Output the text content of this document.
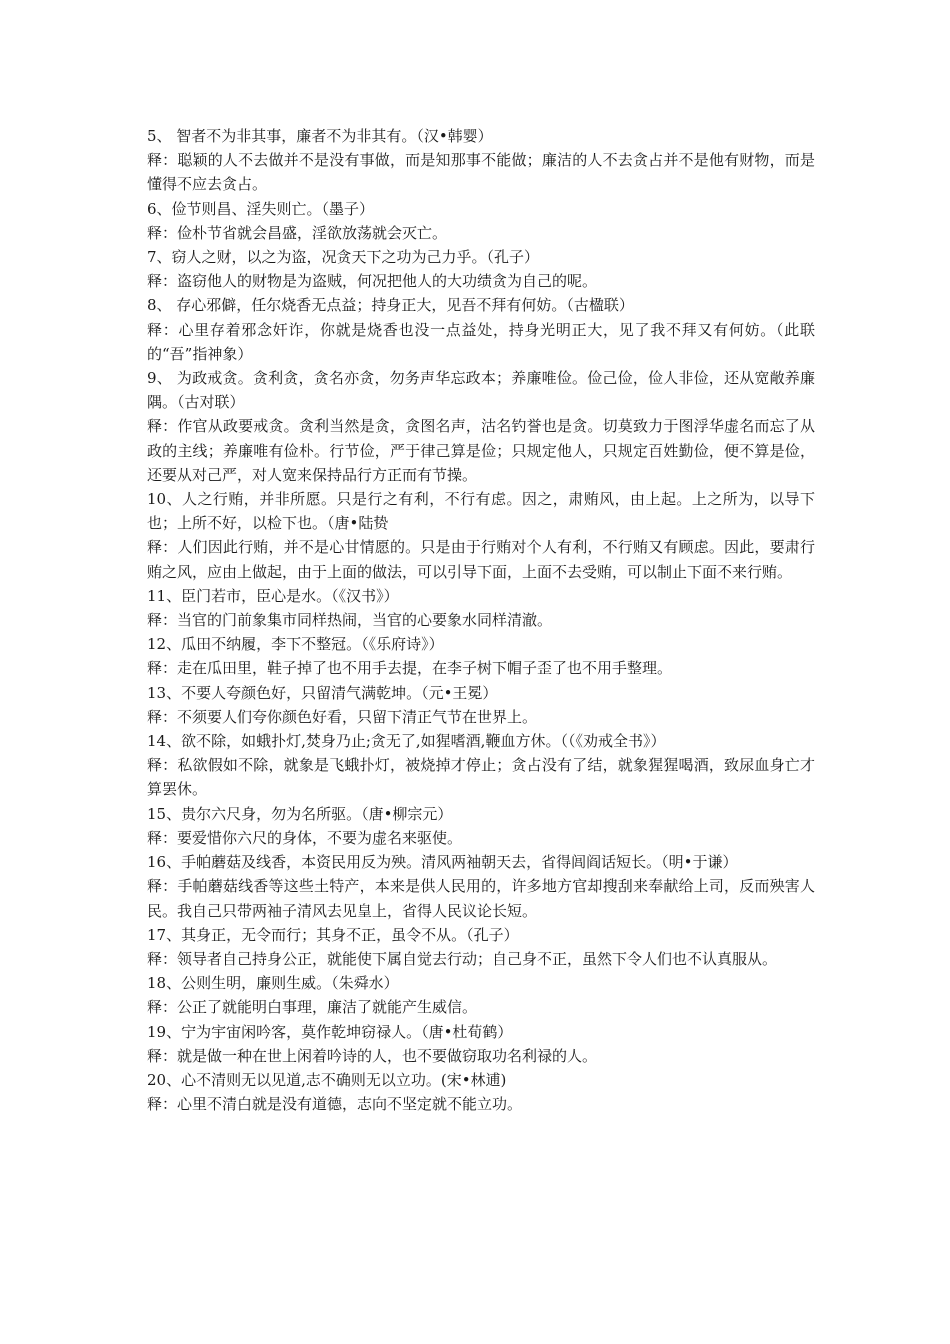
5、 智者不为非其事，廉者不为非其有。（汉•韩婴）
释：聪颖的人不去做并不是没有事做，而是知那事不能做；廉洁的人不去贪占并不是他有财物，而是懂得不应去贪占。
6、俭节则昌、淫失则亡。（墨子）
释：俭朴节省就会昌盛，淫欲放荡就会灭亡。
7、窃人之财，以之为盗，况贪天下之功为己力乎。（孔子）
释：盗窃他人的财物是为盗贼，何况把他人的大功绩贪为自己的呢。
8、 存心邪僻，任尔烧香无点益；持身正大，见吾不拜有何妨。（古楹联）
释：心里存着邪念奸诈，你就是烧香也没一点益处，持身光明正大，见了我不拜又有何妨。（此联的“吾”指神象）
9、 为政戒贪。贪利贪，贪名亦贪，勿务声华忘政本；养廉唯俭。俭己俭，俭人非俭，还从宽敞养廉隅。（古对联）
释：作官从政要戒贪。贪利当然是贪，贪图名声，沽名钓誉也是贪。切莫致力于图浮华虚名而忘了从政的主线；养廉唯有俭朴。行节俭，严于律己算是俭；只规定他人，只规定百姓勤俭，便不算是俭，还要从对己严，对人宽来保持品行方正而有节操。
10、人之行贿，并非所愿。只是行之有利，不行有虑。因之，肃贿风，由上起。上之所为，以导下也；上所不好，以检下也。（唐•陆贽
释：人们因此行贿，并不是心甘情愿的。只是由于行贿对个人有利，不行贿又有顾虑。因此，要肃行贿之风，应由上做起，由于上面的做法，可以引导下面，上面不去受贿，可以制止下面不来行贿。
11、臣门若市，臣心是水。（《汉书》）
释：当官的门前象集市同样热闹，当官的心要象水同样清澈。
12、瓜田不纳履，李下不整冠。（《乐府诗》）
释：走在瓜田里，鞋子掉了也不用手去提，在李子树下帽子歪了也不用手整理。
13、不要人夸颜色好，只留清气满乾坤。（元•王冕）
释：不须要人们夸你颜色好看，只留下清正气节在世界上。
14、欲不除，如蛾扑灯,焚身乃止;贪无了,如猩嗜酒,鞭血方休。（（《劝戒全书》）
释：私欲假如不除，就象是飞蛾扑灯，被烧掉才停止；贪占没有了结，就象猩猩喝酒，致尿血身亡才算罢休。
15、贵尔六尺身，勿为名所驱。（唐•柳宗元）
释：要爱惜你六尺的身体，不要为虚名来驱使。
16、手帕蘑菇及线香，本资民用反为殃。清风两袖朝天去，省得闾阎话短长。（明•于谦）
释：手帕蘑菇线香等这些土特产，本来是供人民用的，许多地方官却搜刮来奉献给上司，反而殃害人民。我自己只带两袖子清风去见皇上，省得人民议论长短。
17、其身正，无令而行；其身不正，虽令不从。（孔子）
释：领导者自己持身公正，就能使下属自觉去行动；自己身不正，虽然下令人们也不认真服从。
18、公则生明，廉则生威。（朱舜水）
释：公正了就能明白事理，廉洁了就能产生威信。
19、宁为宇宙闲吟客，莫作乾坤窃禄人。（唐•杜荀鹤）
释：就是做一种在世上闲着吟诗的人，也不要做窃取功名利禄的人。
20、心不清则无以见道,志不确则无以立功。(宋•林逋)
释：心里不清白就是没有道德，志向不坚定就不能立功。
